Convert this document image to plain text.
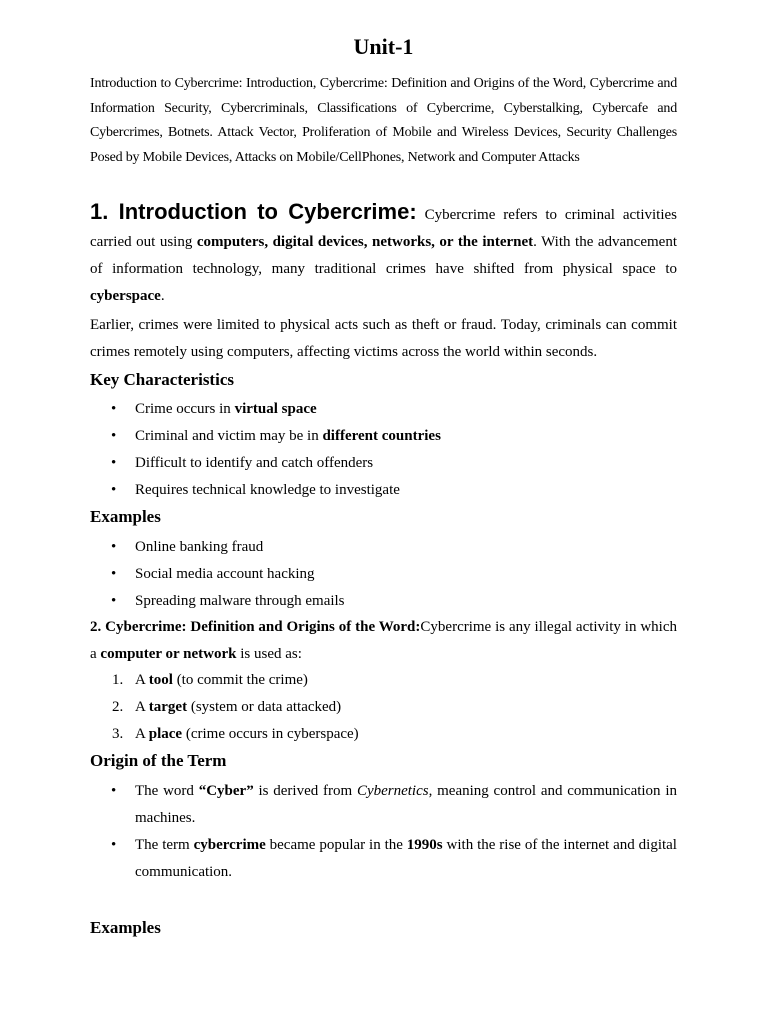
Unit-1
Introduction to Cybercrime: Introduction, Cybercrime: Definition and Origins of the Word, Cybercrime and Information Security, Cybercriminals, Classifications of Cybercrime, Cyberstalking, Cybercafe and Cybercrimes, Botnets. Attack Vector, Proliferation of Mobile and Wireless Devices, Security Challenges Posed by Mobile Devices, Attacks on Mobile/CellPhones, Network and Computer Attacks
1. Introduction to Cybercrime: Cybercrime refers to criminal activities carried out using computers, digital devices, networks, or the internet. With the advancement of information technology, many traditional crimes have shifted from physical space to cyberspace.
Earlier, crimes were limited to physical acts such as theft or fraud. Today, criminals can commit crimes remotely using computers, affecting victims across the world within seconds.
Key Characteristics
• Crime occurs in virtual space
• Criminal and victim may be in different countries
• Difficult to identify and catch offenders
• Requires technical knowledge to investigate
Examples
• Online banking fraud
• Social media account hacking
• Spreading malware through emails
2. Cybercrime: Definition and Origins of the Word:Cybercrime is any illegal activity in which a computer or network is used as:
1. A tool (to commit the crime)
2. A target (system or data attacked)
3. A place (crime occurs in cyberspace)
Origin of the Term
• The word “Cyber” is derived from Cybernetics, meaning control and communication in machines.
• The term cybercrime became popular in the 1990s with the rise of the internet and digital communication.
Examples
